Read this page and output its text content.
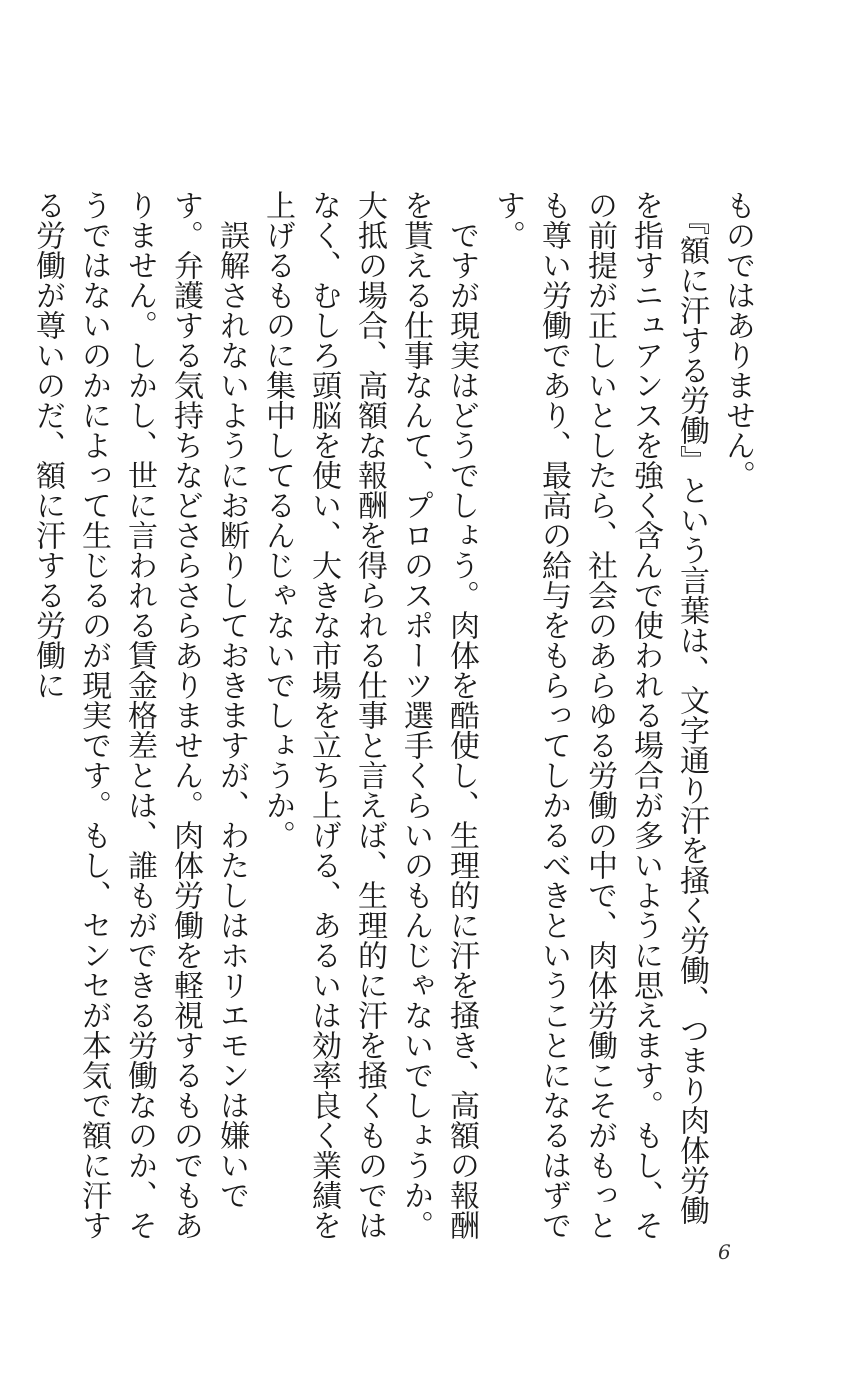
ものではありません。

　『額に汗する労働』という言葉は、文字通り汗を掻く労働、つまり肉体労働を指すニュアンスを強く含んで使われる場合が多いように思えます。もし、その前提が正しいとしたら、社会のあらゆる労働の中で、肉体労働こそがもっとも尊い労働であり、最高の給与をもらってしかるべきということになるはずです。

　ですが現実はどうでしょう。肉体を酷使し、生理的に汗を掻き、高額の報酬を貰える仕事なんて、プロのスポーツ選手くらいのもんじゃないでしょうか。大抵の場合、高額な報酬を得られる仕事と言えば、生理的に汗を掻くものではなく、むしろ頭脳を使い、大きな市場を立ち上げる、あるいは効率良く業績を上げるものに集中してるんじゃないでしょうか。

　誤解されないようにお断りしておきますが、わたしはホリエモンは嫌いです。弁護する気持ちなどさらさらありません。肉体労働を軽視するものでもありません。しかし、世に言われる賃金格差とは、誰もができる労働なのか、そうではないのかによって生じるのが現実です。もし、センセが本気で額に汗する労働が尊いのだ、額に汗する労働に

6
